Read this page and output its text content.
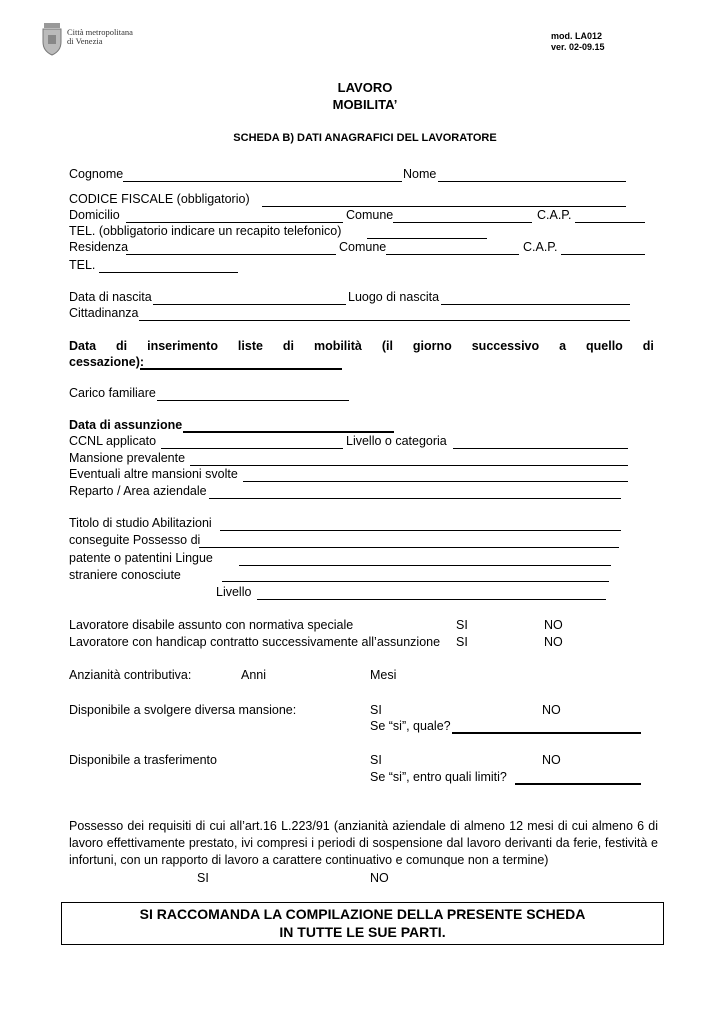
Città metropolitana
di Venezia	mod. LA012
ver. 02-09.15
LAVORO
MOBILITA’
SCHEDA B) DATI ANAGRAFICI DEL LAVORATORE
Cognome	Nome
CODICE FISCALE (obbligatorio)
Domicilio	Comune	C.A.P.
TEL. (obbligatorio indicare un recapito telefonico)
Residenza	Comune	C.A.P.
TEL.
Data di nascita	Luogo di nascita
Cittadinanza
Data di inserimento liste di mobilità (il giorno successivo a quello di
cessazione):
Carico familiare
Data di assunzione
CCNL applicato	Livello o categoria
Mansione prevalente
Eventuali altre mansioni svolte
Reparto / Area aziendale
Titolo di studio Abilitazioni
conseguite Possesso di
patente o patentini Lingue
straniere conosciute
Livello
Lavoratore disabile assunto con normativa speciale	SI	NO
Lavoratore con handicap contratto successivamente all’assunzione SI	NO
Anzianità contributiva:	Anni	Mesi
Disponibile a svolgere diversa mansione:	SI	NO
Se “si”, quale?
Disponibile a trasferimento	SI	NO
Se “si”, entro quali limiti?
Possesso dei requisiti di cui all’art.16 L.223/91 (anzianità aziendale di almeno 12 mesi di cui almeno 6 di lavoro effettivamente prestato, ivi compresi i periodi di sospensione dal lavoro derivanti da ferie, festività e infortuni, con un rapporto di lavoro a carattere continuativo e comunque non a termine)
SI	NO
SI RACCOMANDA LA COMPILAZIONE DELLA PRESENTE SCHEDA
IN TUTTE LE SUE PARTI.
